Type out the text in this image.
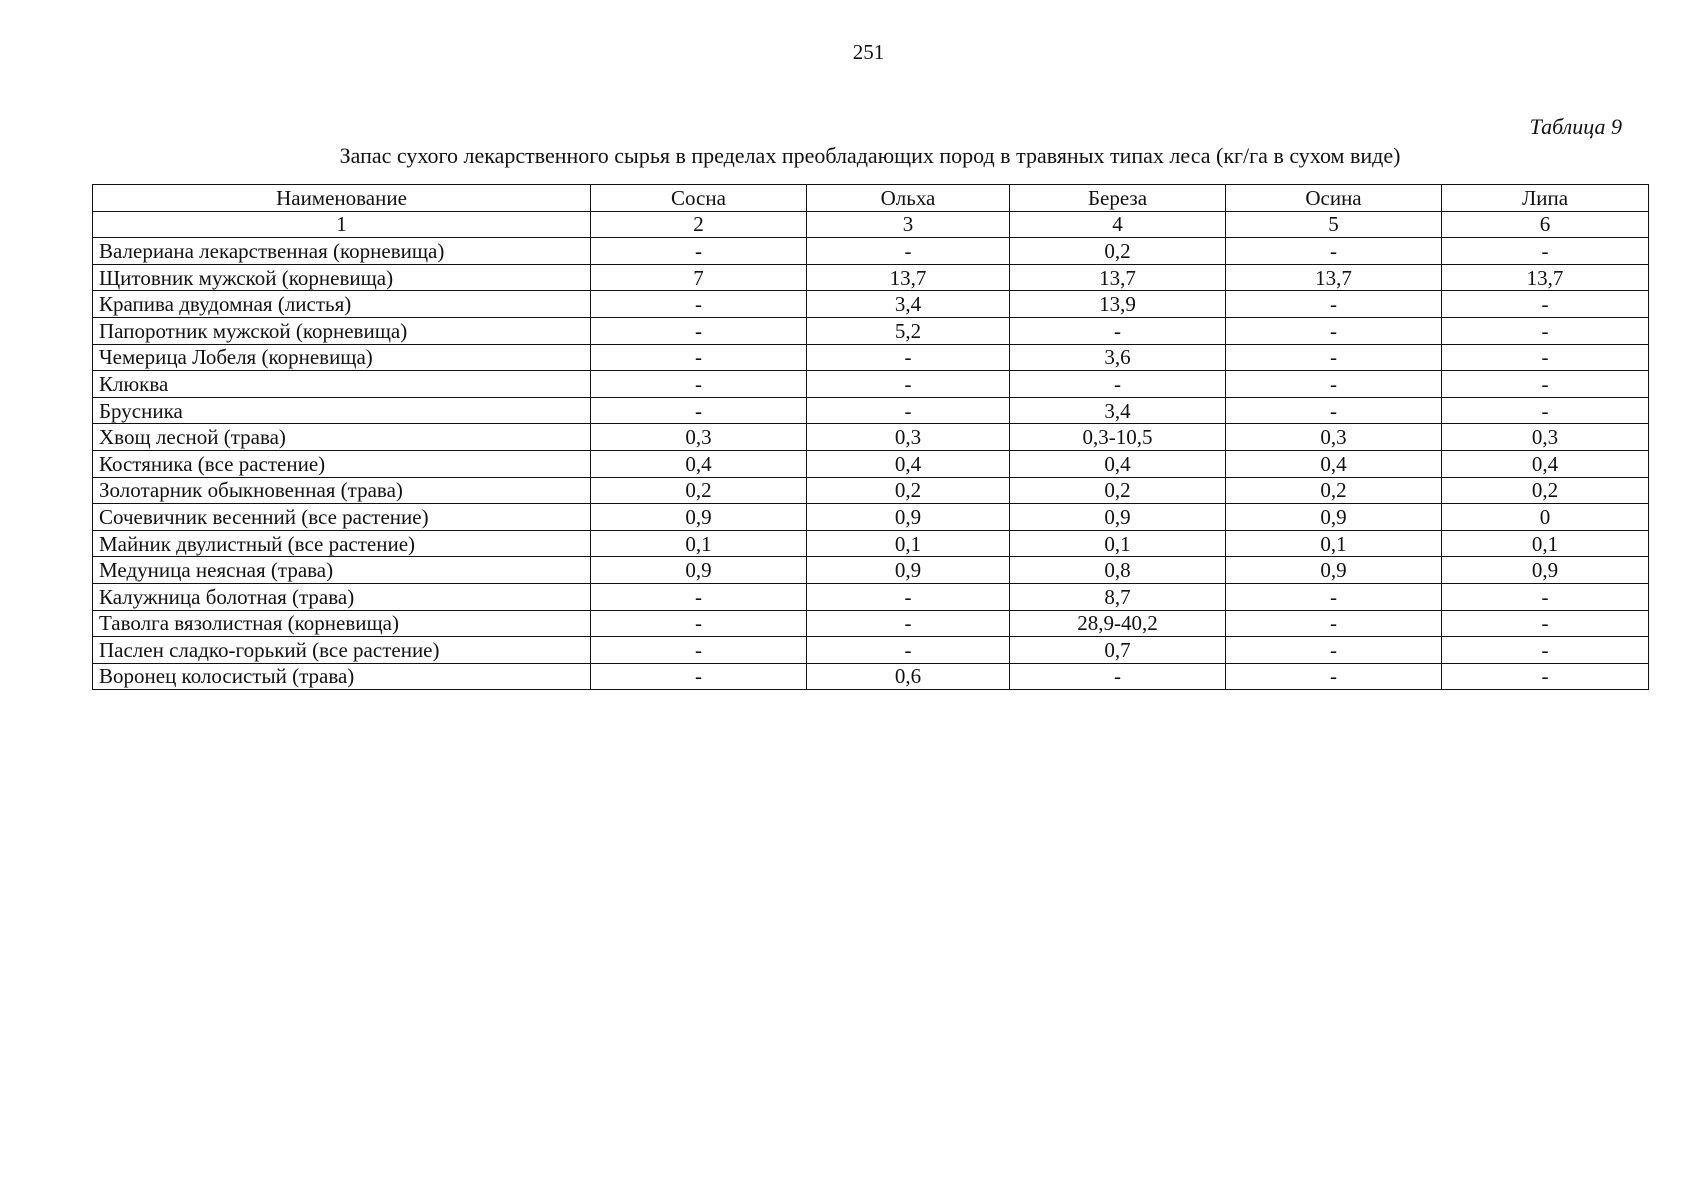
251
Таблица 9
Запас сухого лекарственного сырья в пределах преобладающих пород в травяных типах леса (кг/га в сухом виде)
Наименование	Сосна	Ольха	Береза	Осина	Липа
1	2	3	4	5	6
Валериана лекарственная (корневища)	-	-	0,2	-	-
Щитовник мужской (корневища)	7	13,7	13,7	13,7	13,7
Крапива двудомная (листья)	-	3,4	13,9	-	-
Папоротник мужской (корневища)	-	5,2	-	-	-
Чемерица Лобеля (корневища)	-	-	3,6	-	-
Клюква	-	-	-	-	-
Брусника	-	-	3,4	-	-
Хвощ лесной (трава)	0,3	0,3	0,3-10,5	0,3	0,3
Костяника (все растение)	0,4	0,4	0,4	0,4	0,4
Золотарник обыкновенная (трава)	0,2	0,2	0,2	0,2	0,2
Сочевичник весенний (все растение)	0,9	0,9	0,9	0,9	0
Майник двулистный (все растение)	0,1	0,1	0,1	0,1	0,1
Медуница неясная (трава)	0,9	0,9	0,8	0,9	0,9
Калужница болотная (трава)	-	-	8,7	-	-
Таволга вязолистная (корневища)	-	-	28,9-40,2	-	-
Паслен сладко-горький (все растение)	-	-	0,7	-	-
Воронец колосистый (трава)	-	0,6	-	-	-
